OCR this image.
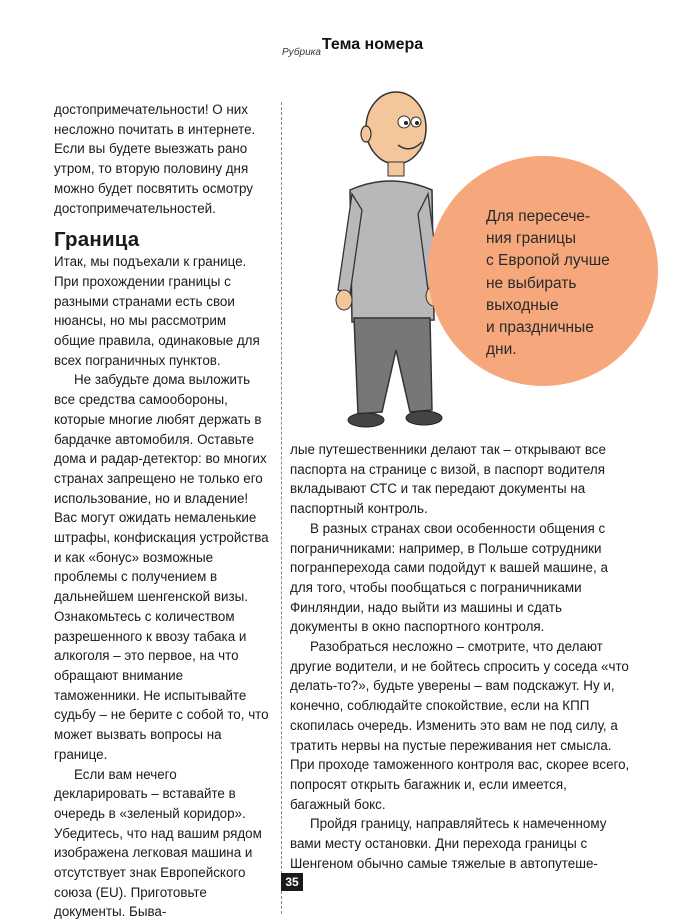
$_{Рубрика}$Тема номера

достопримечательности! О них несложно почитать в интернете. Если вы будете выезжать рано утром, то вторую половину дня можно будет посвятить осмотру достопримечательностей.

Граница

Итак, мы подъехали к границе. При прохождении границы с разными странами есть свои нюансы, но мы рассмотрим общие правила, одинаковые для всех пограничных пунктов.

Не забудьте дома выложить все средства самообороны, которые многие любят держать в бардачке автомобиля. Оставьте дома и радар-детектор: во многих странах запрещено не только его использование, но и владение! Вас могут ожидать немаленькие штрафы, конфискация устройства и как «бонус» возможные проблемы с получением в дальнейшем шенгенской визы. Ознакомьтесь с количеством разрешенного к ввозу табака и алкоголя – это первое, на что обращают внимание таможенники. Не испытывайте судьбу – не берите с собой то, что может вызвать вопросы на границе.

Если вам нечего декларировать – вставайте в очередь в «зеленый коридор». Убедитесь, что над вашим рядом изображена легковая машина и отсутствует знак Европейского союза (EU). Приготовьте документы. Быва-

Для пересече-
ния границы
с Европой лучше
не выбирать
выходные
и праздничные
дни.

лые путешественники делают так – открывают все паспорта на странице с визой, в паспорт водителя вкладывают СТС и так передают документы на паспортный контроль.

В разных странах свои особенности общения с пограничниками: например, в Польше сотрудники погранперехода сами подойдут к вашей машине, а для того, чтобы пообщаться с пограничниками Финляндии, надо выйти из машины и сдать документы в окно паспортного контроля.

Разобраться несложно – смотрите, что делают другие водители, и не бойтесь спросить у соседа «что делать-то?», будьте уверены – вам подскажут. Ну и, конечно, соблюдайте спокойствие, если на КПП скопилась очередь. Изменить это вам не под силу, а тратить нервы на пустые переживания нет смысла. При проходе таможенного контроля вас, скорее всего, попросят открыть багажник и, если имеется, багажный бокс.

Пройдя границу, направляйтесь к намеченному вами месту остановки. Дни перехода границы с Шенгеном обычно самые тяжелые в автопутеше-

35
